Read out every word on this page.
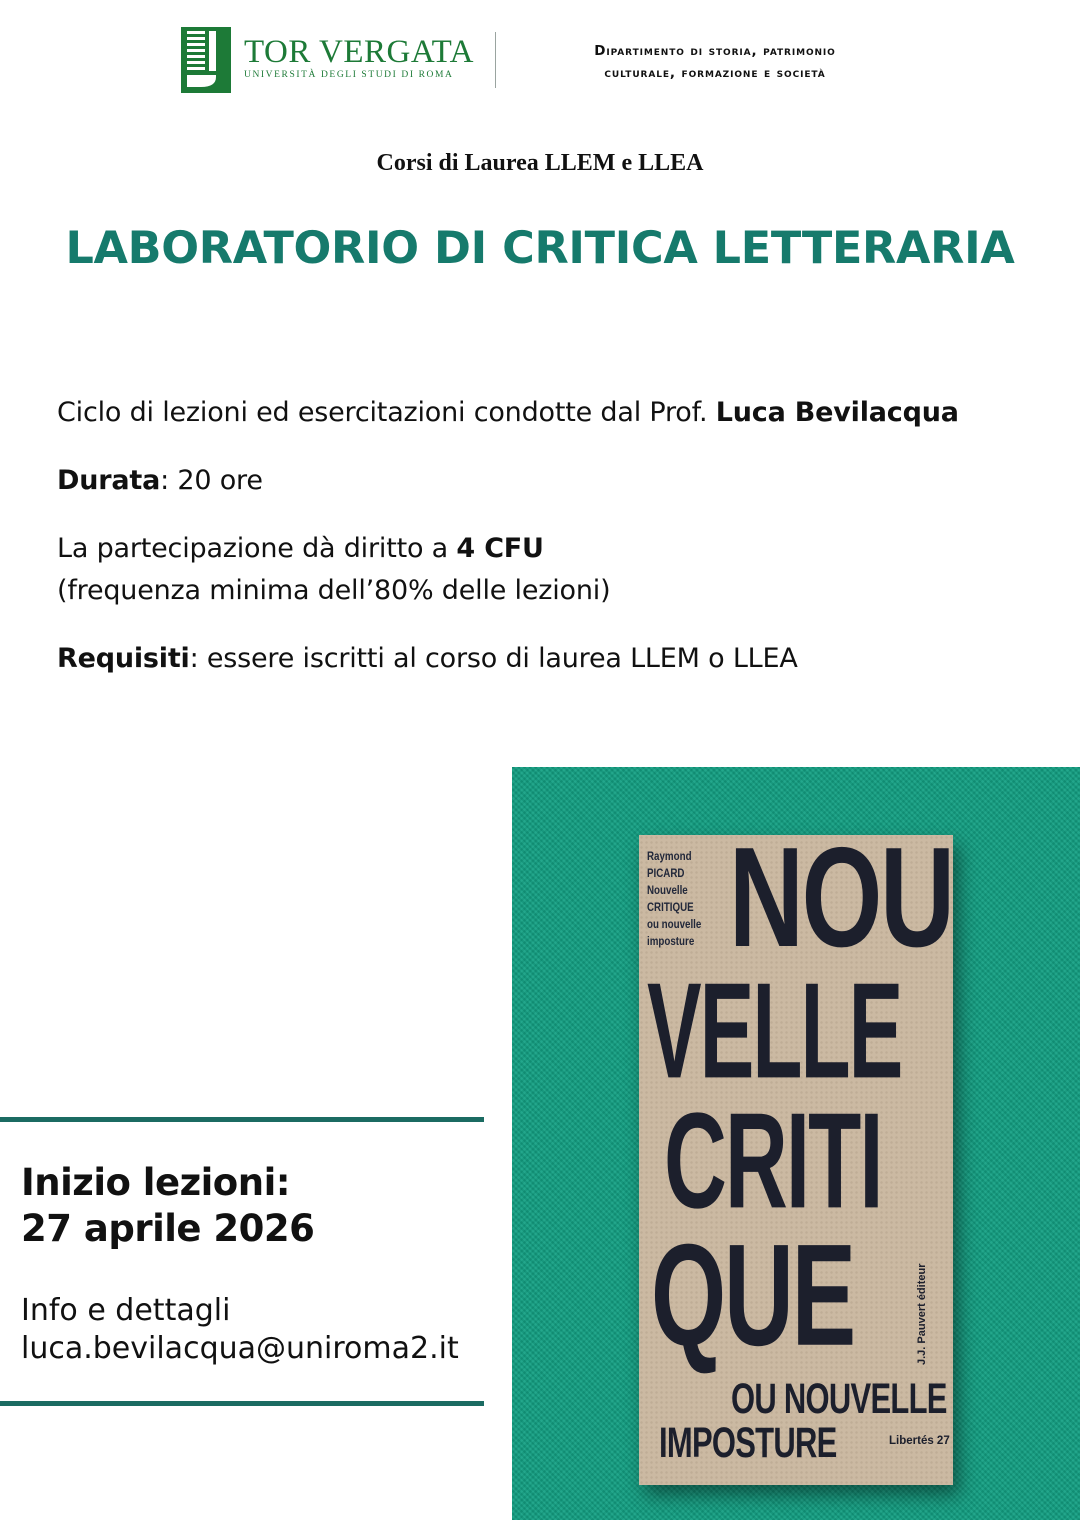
TOR VERGATA
UNIVERSITÀ DEGLI STUDI DI ROMA
Dipartimento di storia, patrimonio
culturale, formazione e società
Corsi di Laurea LLEM e LLEA
LABORATORIO DI CRITICA LETTERARIA
Ciclo di lezioni ed esercitazioni condotte dal Prof. Luca Bevilacqua
Durata: 20 ore
La partecipazione dà diritto a 4 CFU
(frequenza minima dell’80% delle lezioni)
Requisiti: essere iscritti al corso di laurea LLEM o LLEA
Inizio lezioni:
27 aprile 2026
Info e dettagli
luca.bevilacqua@uniroma2.it
Raymond
PICARD
Nouvelle
CRITIQUE
ou nouvelle
imposture NOU
VELLE
CRITI
QUE
OU NOUVELLE
IMPOSTURE	Libertés 27
J.J. Pauvert éditeur
